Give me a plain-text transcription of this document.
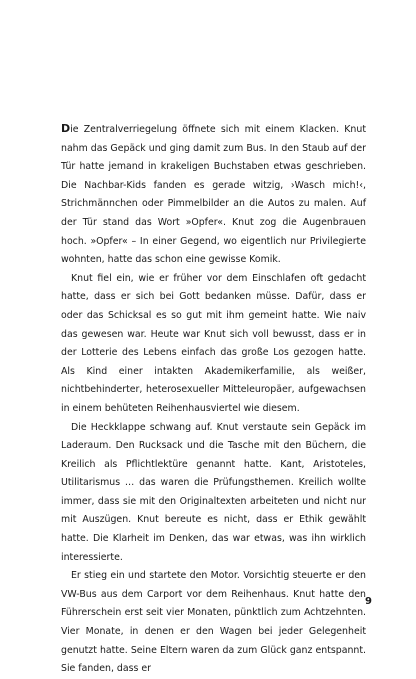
Die Zentralverriegelung öffnete sich mit einem Klacken. Knut nahm das Gepäck und ging damit zum Bus. In den Staub auf der Tür hatte jemand in krakeligen Buchstaben etwas geschrieben. Die Nachbar-Kids fanden es gerade witzig, ›Wasch mich!‹, Strichmännchen oder Pimmelbilder an die Autos zu malen. Auf der Tür stand das Wort »Opfer«. Knut zog die Augenbrauen hoch. »Opfer« – In einer Gegend, wo eigentlich nur Privilegierte wohnten, hatte das schon eine gewisse Komik.

Knut fiel ein, wie er früher vor dem Einschlafen oft gedacht hatte, dass er sich bei Gott bedanken müsse. Dafür, dass er oder das Schicksal es so gut mit ihm gemeint hatte. Wie naiv das gewesen war. Heute war Knut sich voll bewusst, dass er in der Lotterie des Lebens einfach das große Los gezogen hatte. Als Kind einer intakten Akademikerfamilie, als weißer, nichtbehinderter, heterosexueller Mitteleuropäer, aufgewachsen in einem behüteten Reihenhausviertel wie diesem.

Die Heckklappe schwang auf. Knut verstaute sein Gepäck im Laderaum. Den Rucksack und die Tasche mit den Büchern, die Kreilich als Pflichtlektüre genannt hatte. Kant, Aristoteles, Utilitarismus … das waren die Prüfungsthemen. Kreilich wollte immer, dass sie mit den Originaltexten arbeiteten und nicht nur mit Auszügen. Knut bereute es nicht, dass er Ethik gewählt hatte. Die Klarheit im Denken, das war etwas, was ihn wirklich interessierte.

Er stieg ein und startete den Motor. Vorsichtig steuerte er den VW-Bus aus dem Carport vor dem Reihenhaus. Knut hatte den Führerschein erst seit vier Monaten, pünktlich zum Achtzehnten. Vier Monate, in denen er den Wagen bei jeder Gelegenheit genutzt hatte. Seine Eltern waren da zum Glück ganz entspannt. Sie fanden, dass er

9
